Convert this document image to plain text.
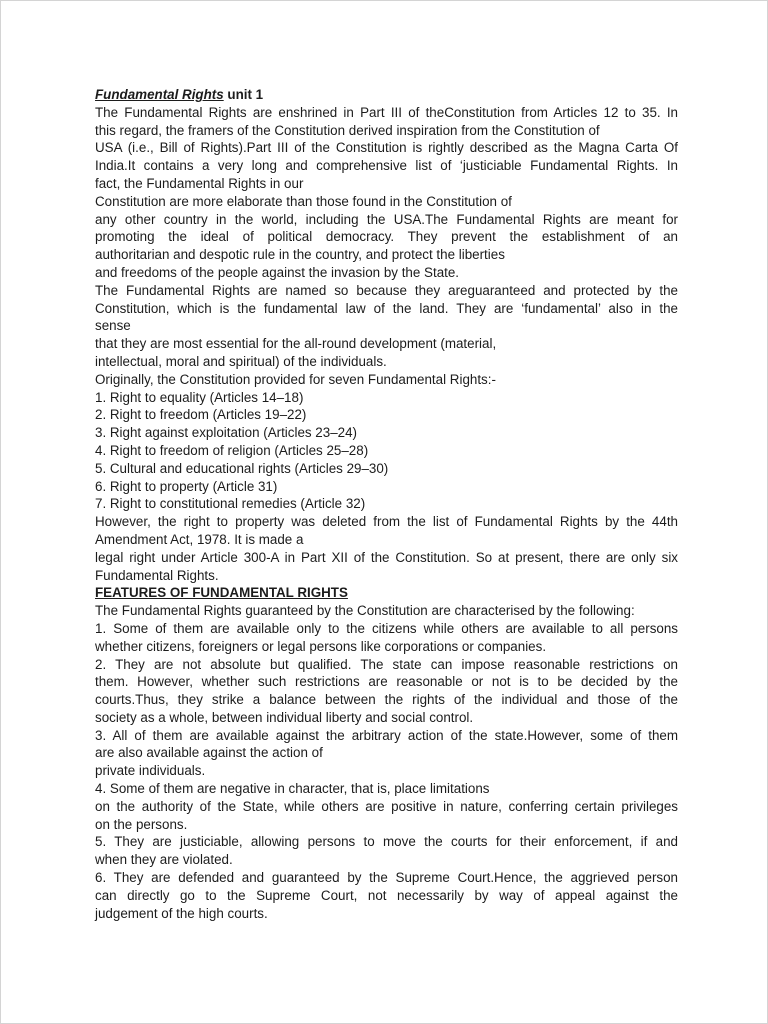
Fundamental Rights unit 1
The Fundamental Rights are enshrined in Part III of theConstitution from Articles 12 to 35. In
this regard, the framers of the Constitution derived inspiration from the Constitution of
USA (i.e., Bill of Rights).Part III of the Constitution is rightly described as the Magna Carta Of
India.It contains a very long and comprehensive list of ‘justiciable Fundamental Rights. In
fact, the Fundamental Rights in our
Constitution are more elaborate than those found in the Constitution of
any other country in the world, including the USA.The Fundamental Rights are meant for
promoting the ideal of political democracy. They prevent the establishment of an
authoritarian and despotic rule in the country, and protect the liberties
and freedoms of the people against the invasion by the State.
The Fundamental Rights are named so because they areguaranteed and protected by the
Constitution, which is the fundamental law of the land. They are ‘fundamental’ also in the
sense
that they are most essential for the all-round development (material,
intellectual, moral and spiritual) of the individuals.
Originally, the Constitution provided for seven Fundamental Rights:-
1. Right to equality (Articles 14–18)
2. Right to freedom (Articles 19–22)
3. Right against exploitation (Articles 23–24)
4. Right to freedom of religion (Articles 25–28)
5. Cultural and educational rights (Articles 29–30)
6. Right to property (Article 31)
7. Right to constitutional remedies (Article 32)
However, the right to property was deleted from the list of Fundamental Rights by the 44th
Amendment Act, 1978. It is made a
legal right under Article 300-A in Part XII of the Constitution. So at present, there are only six
Fundamental Rights.
FEATURES OF FUNDAMENTAL RIGHTS
The Fundamental Rights guaranteed by the Constitution are characterised by the following:
1. Some of them are available only to the citizens while others are available to all persons
whether citizens, foreigners or legal persons like corporations or companies.
2. They are not absolute but qualified. The state can impose reasonable restrictions on
them. However, whether such restrictions are reasonable or not is to be decided by the
courts.Thus, they strike a balance between the rights of the individual and those of the
society as a whole, between individual liberty and social control.
3. All of them are available against the arbitrary action of the state.However, some of them
are also available against the action of
private individuals.
4. Some of them are negative in character, that is, place limitations
on the authority of the State, while others are positive in nature, conferring certain privileges
on the persons.
5. They are justiciable, allowing persons to move the courts for their enforcement, if and
when they are violated.
6. They are defended and guaranteed by the Supreme Court.Hence, the aggrieved person
can directly go to the Supreme Court, not necessarily by way of appeal against the
judgement of the high courts.
